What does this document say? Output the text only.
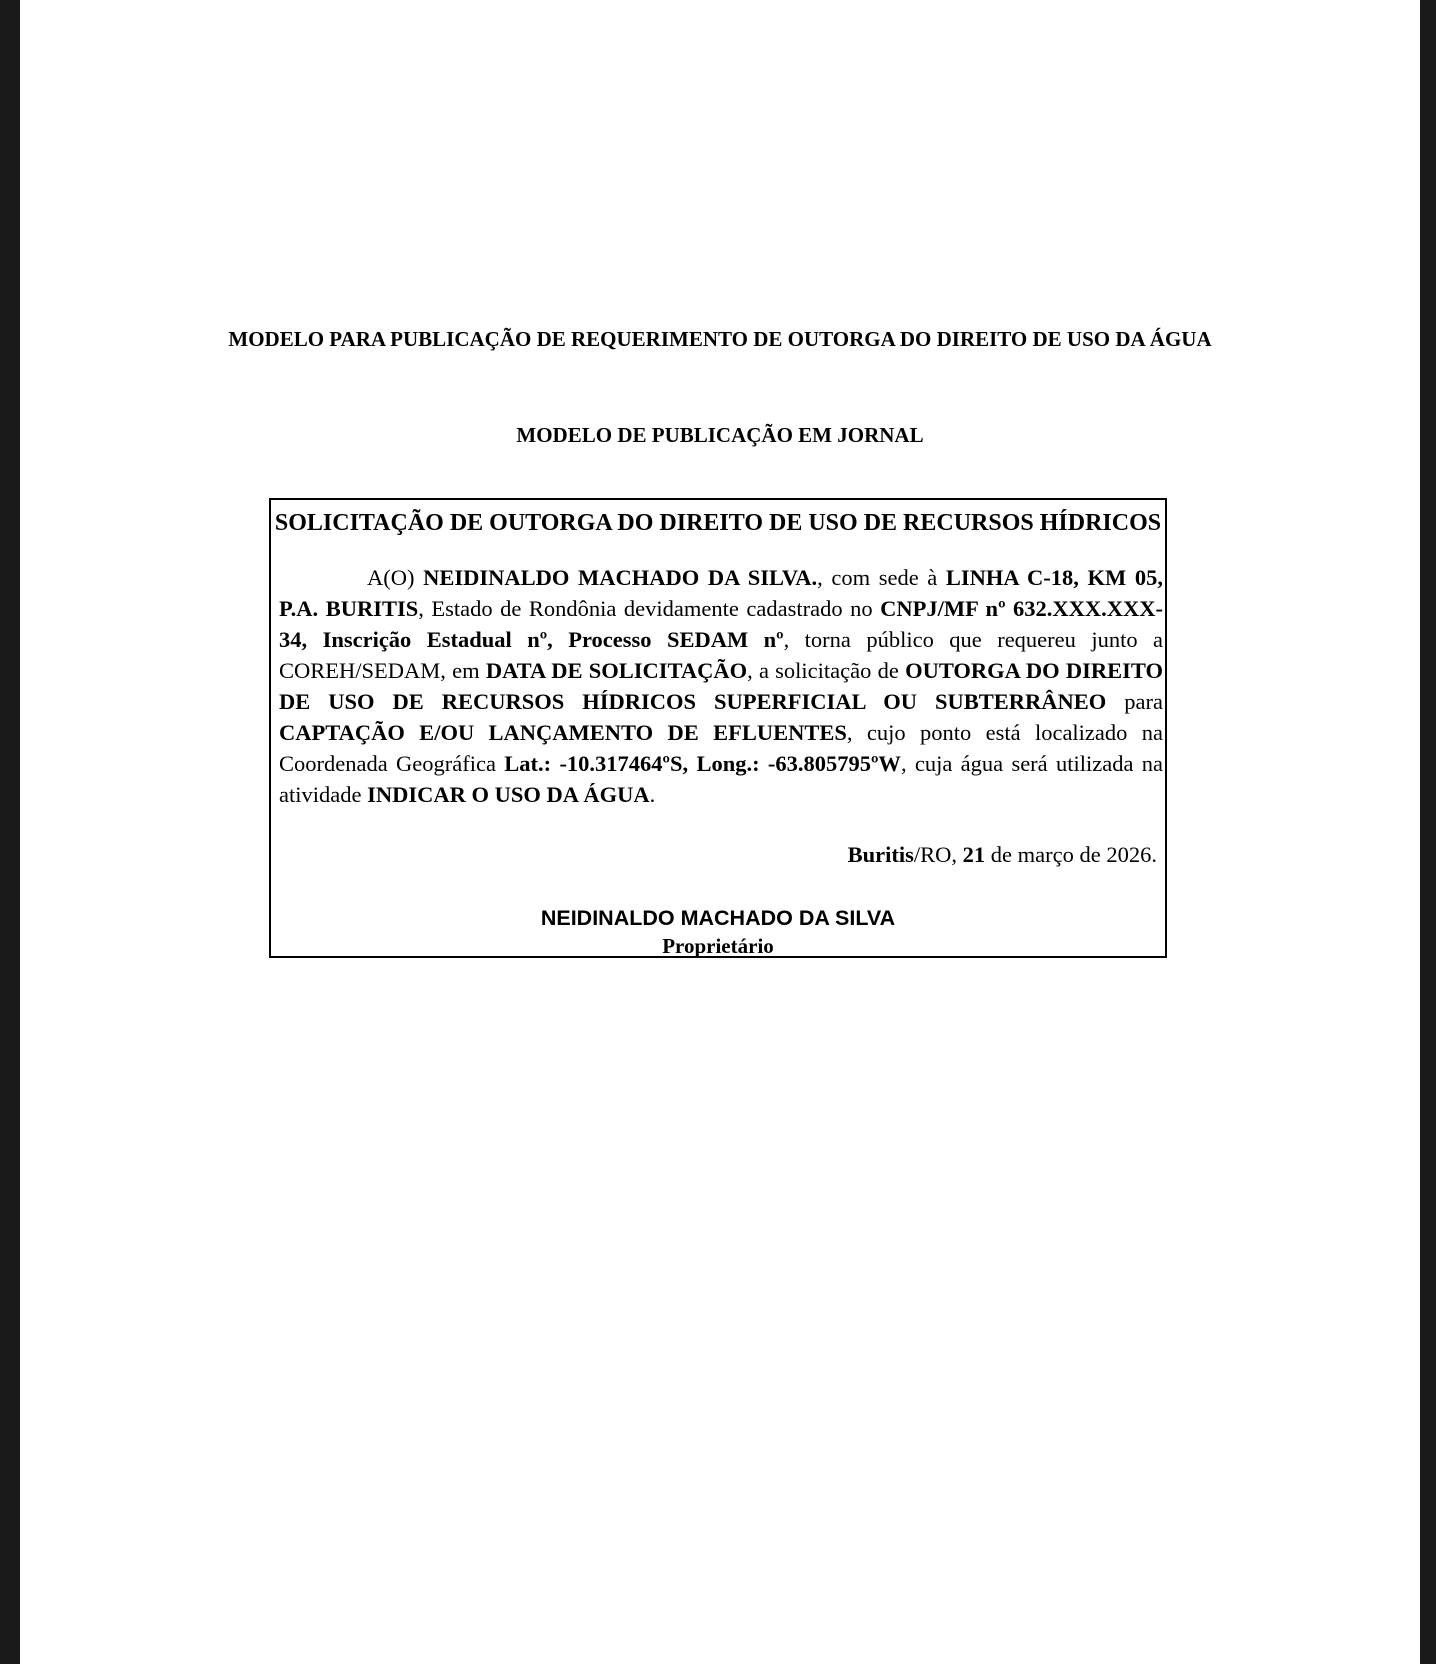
MODELO PARA PUBLICAÇÃO DE REQUERIMENTO DE OUTORGA DO DIREITO DE USO DA ÁGUA
MODELO DE PUBLICAÇÃO EM JORNAL
SOLICITAÇÃO DE OUTORGA DO DIREITO DE USO DE RECURSOS HÍDRICOS
A(O) NEIDINALDO MACHADO DA SILVA., com sede à LINHA C-18, KM 05, P.A. BURITIS, Estado de Rondônia devidamente cadastrado no CNPJ/MF nº 632.XXX.XXX-34, Inscrição Estadual nº, Processo SEDAM nº, torna público que requereu junto a COREH/SEDAM, em DATA DE SOLICITAÇÃO, a solicitação de OUTORGA DO DIREITO DE USO DE RECURSOS HÍDRICOS SUPERFICIAL OU SUBTERRÂNEO para CAPTAÇÃO E/OU LANÇAMENTO DE EFLUENTES, cujo ponto está localizado na Coordenada Geográfica Lat.: -10.317464ºS, Long.: -63.805795ºW, cuja água será utilizada na atividade INDICAR O USO DA ÁGUA.
Buritis/RO, 21 de março de 2026.
NEIDINALDO MACHADO DA SILVA
Proprietário
